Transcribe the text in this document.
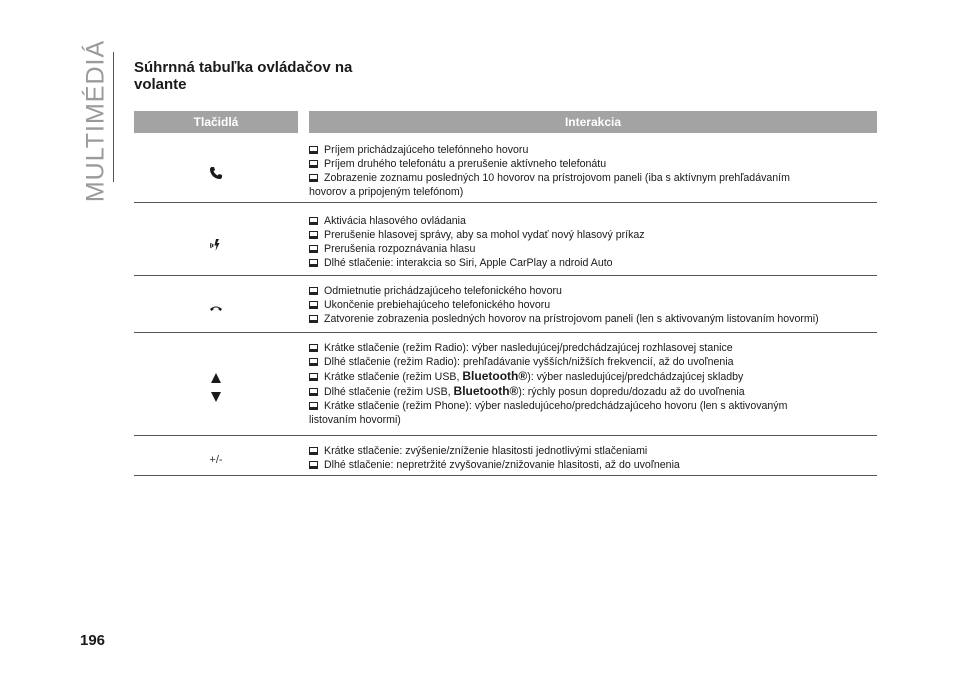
MULTIMÉDIÁ Súhrnná tabuľka ovládačov na
volante
Tlačidlá	Interakcia
Príjem prichádzajúceho telefónneho hovoru
Príjem druhého telefonátu a prerušenie aktívneho telefonátu
Zobrazenie zoznamu posledných 10 hovorov na prístrojovom paneli (iba s aktívnym prehľadávaním
hovorov a pripojeným telefónom)
Aktivácia hlasového ovládania
Prerušenie hlasovej správy, aby sa mohol vydať nový hlasový príkaz
Prerušenia rozpoznávania hlasu
Dlhé stlačenie: interakcia so Siri, Apple CarPlay a ndroid Auto
Odmietnutie prichádzajúceho telefonického hovoru
Ukončenie prebiehajúceho telefonického hovoru
Zatvorenie zobrazenia posledných hovorov na prístrojovom paneli (len s aktivovaným listovaním hovormi)
Krátke stlačenie (režim Radio): výber nasledujúcej/predchádzajúcej rozhlasovej stanice
Dlhé stlačenie (režim Radio): prehľadávanie vyšších/nižších frekvencií, až do uvoľnenia
Krátke stlačenie (režim USB, Bluetooth®): výber nasledujúcej/predchádzajúcej skladby
Dlhé stlačenie (režim USB, Bluetooth®): rýchly posun dopredu/dozadu až do uvoľnenia
Krátke stlačenie (režim Phone): výber nasledujúceho/predchádzajúceho hovoru (len s aktivovaným
listovaním hovormi)
+/-
Krátke stlačenie: zvýšenie/zníženie hlasitosti jednotlivými stlačeniami
Dlhé stlačenie: nepretržité zvyšovanie/znižovanie hlasitosti, až do uvoľnenia
196
